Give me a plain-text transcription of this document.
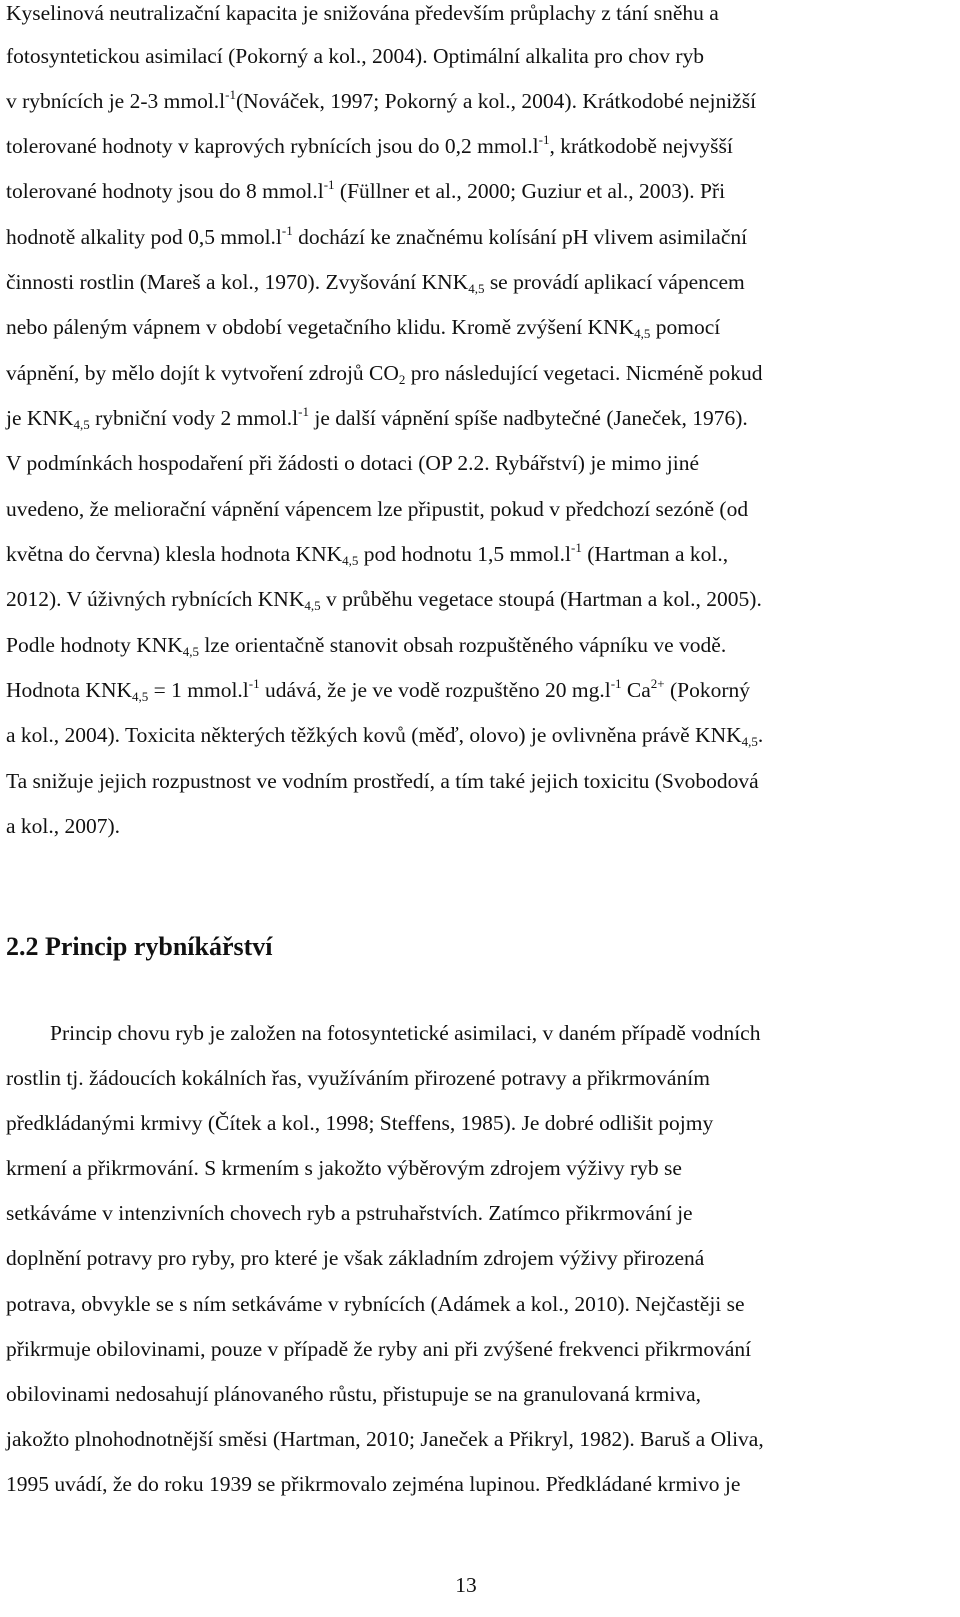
Kyselinová neutralizační kapacita je snižována především průplachy z tání sněhu a
fotosyntetickou asimilací (Pokorný a kol., 2004). Optimální alkalita pro chov ryb
v rybnících je 2-3 $mmol.l^{-1}(Nováček$, 1997; Pokorný a kol., 2004). Krátkodobé nejnižší
tolerované hodnoty v kaprových rybnících jsou do 0,2 $mmol.l^{-1}$, krátkodobě nejvyšší
tolerované hodnoty jsou do 8 $mmol.l^{-1}$ (Füllner et al., 2000; Guziur et al., 2003). Při
hodnotě alkality pod 0,5 $mmol.l^{-1}$ dochází ke značnému kolísání pH vlivem asimilační
činnosti rostlin (Mareš a kol., 1970). Zvyšování $KNK_{4,5}$ se provádí aplikací vápencem
nebo páleným vápnem v období vegetačního klidu. Kromě zvýšení $KNK_{4,5}$ pomocí
vápnění, by mělo dojít k vytvoření zdrojů $CO_2$ pro následující vegetaci. Nicméně pokud
je $KNK_{4,5}$ rybniční vody 2 $mmol.l^{-1}$ je další vápnění spíše nadbytečné (Janeček, 1976).
V podmínkách hospodaření při žádosti o dotaci (OP 2.2. Rybářství) je mimo jiné
uvedeno, že meliorační vápnění vápencem lze připustit, pokud v předchozí sezóně (od
května do června) klesla hodnota $KNK_{4,5}$ pod hodnotu 1,5 $mmol.l^{-1}$ (Hartman a kol.,
2012). V úživných rybnících $KNK_{4,5}$ v průběhu vegetace stoupá (Hartman a kol., 2005).
Podle hodnoty $KNK_{4,5}$ lze orientačně stanovit obsah rozpuštěného vápníku ve vodě.
Hodnota $KNK_{4,5} = 1$ $mmol.l^{-1}$ udává, že je ve vodě rozpuštěno 20 $mg.l^{-1}$ $Ca^{2+}$ (Pokorný
a kol., 2004). Toxicita některých těžkých kovů (měď, olovo) je ovlivněna právě $KNK_{4,5}$.
Ta snižuje jejich rozpustnost ve vodním prostředí, a tím také jejich toxicitu (Svobodová
a kol., 2007).
2.2 Princip rybníkářství
Princip chovu ryb je založen na fotosyntetické asimilaci, v daném případě vodních
rostlin tj. žádoucích kokálních řas, využíváním přirozené potravy a přikrmováním
předkládanými krmivy (Čítek a kol., 1998; Steffens, 1985). Je dobré odlišit pojmy
krmení a přikrmování. S krmením s jakožto výběrovým zdrojem výživy ryb se
setkáváme v intenzivních chovech ryb a pstruhařstvích. Zatímco přikrmování je
doplnění potravy pro ryby, pro které je však základním zdrojem výživy přirozená
potrava, obvykle se s ním setkáváme v rybnících (Adámek a kol., 2010). Nejčastěji se
přikrmuje obilovinami, pouze v případě že ryby ani při zvýšené frekvenci přikrmování
obilovinami nedosahují plánovaného růstu, přistupuje se na granulovaná krmiva,
jakožto plnohodnotnější směsi (Hartman, 2010; Janeček a Přikryl, 1982). Baruš a Oliva,
1995 uvádí, že do roku 1939 se přikrmovalo zejména lupinou. Předkládané krmivo je
13
